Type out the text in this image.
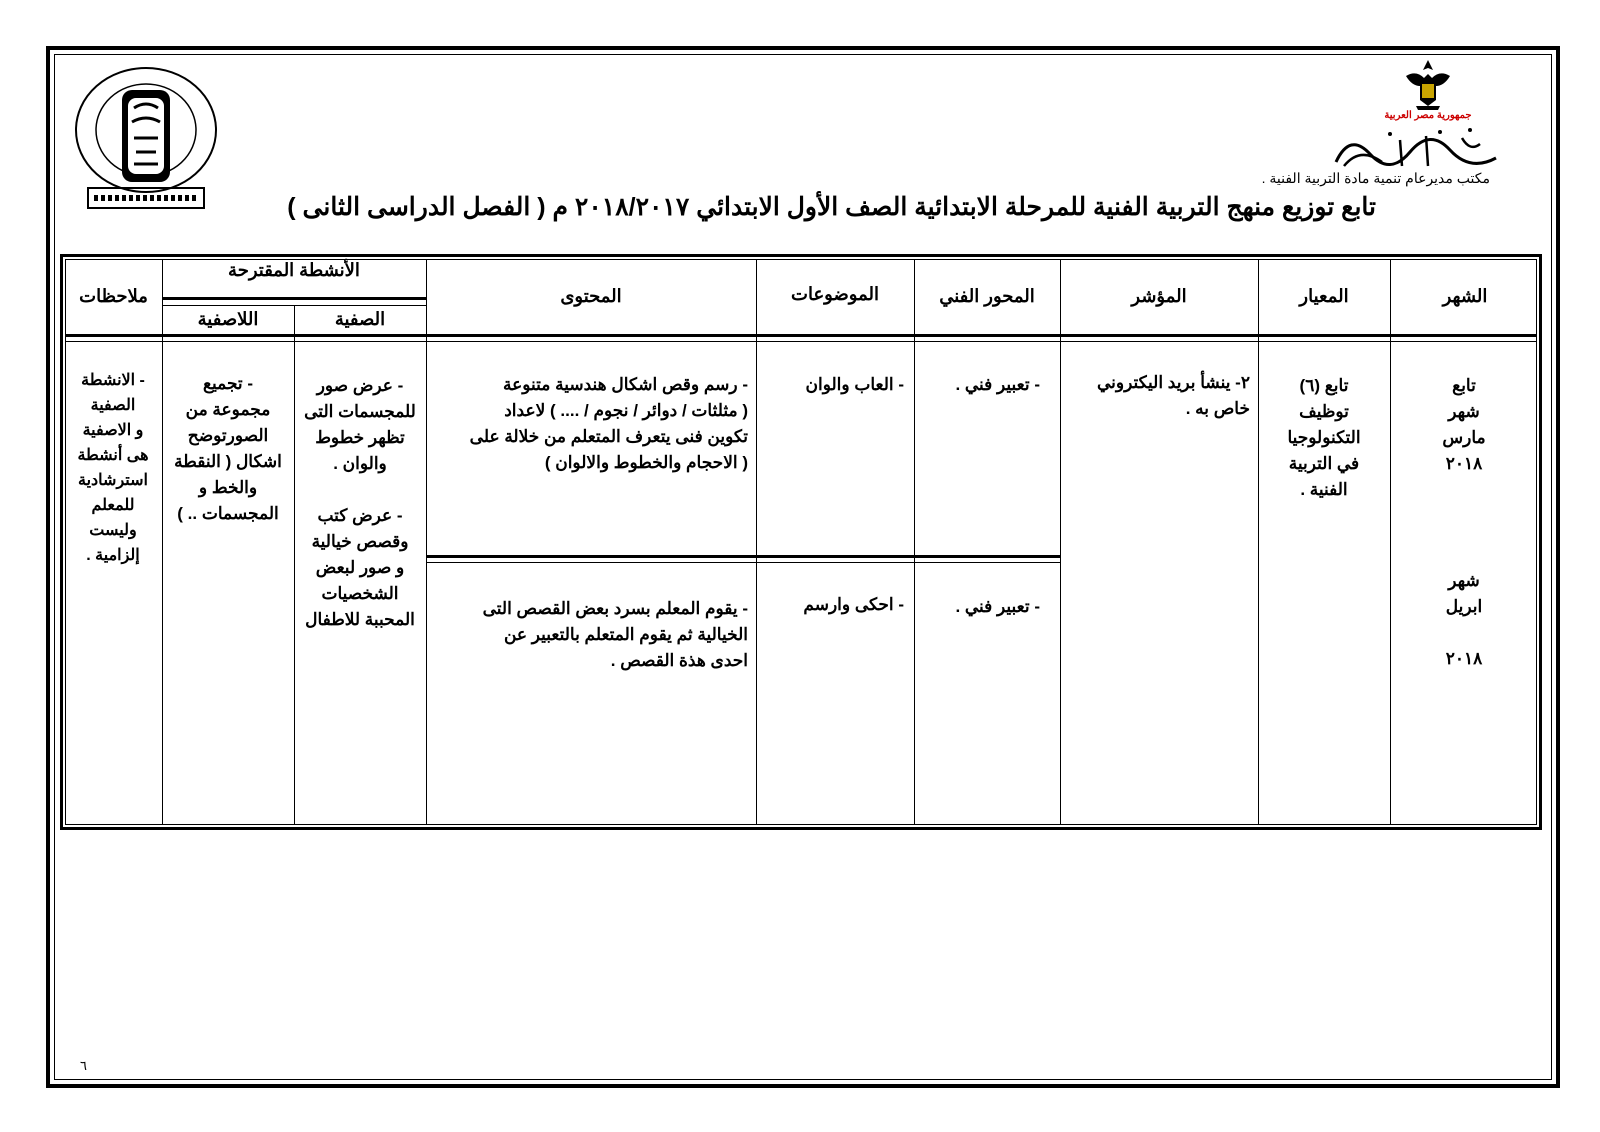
جمهورية مصر العربية
مكتب مديرعام تنمية مادة التربية الفنية .
تابع توزيع منهج التربية الفنية للمرحلة الابتدائية الصف الأول الابتدائي ٢٠١٨/٢٠١٧ م ( الفصل الدراسى الثانى )
الشهر
المعيار
المؤشر
المحور الفني
الموضوعات
المحتوى
الأنشطة المقترحة
الصفية
اللاصفية
ملاحظات
تابع
شهر
مارس
٢٠١٨
شهر
ابريل
٢٠١٨
تابع (٦)
توظيف
التكنولوجيا
في التربية
الفنية .
٢- ينشأ بريد اليكتروني
خاص به .
- تعبير فني .
- العاب والوان
- رسم وقص اشكال هندسية متنوعة
( مثلثات / دوائر / نجوم / .... ) لاعداد
تكوين فنى يتعرف المتعلم من خلالة على
( الاحجام والخطوط والالوان )
- تعبير فني .
- احكى وارسم
- يقوم المعلم بسرد بعض القصص التى
الخيالية ثم يقوم المتعلم بالتعبير عن
احدى هذة القصص .
- عرض صور
للمجسمات التى
تظهر خطوط
والوان .

- عرض كتب
وقصص خيالية
و صور لبعض
الشخصيات
المحببة للاطفال
- تجميع
مجموعة من
الصورتوضح
اشكال ( النقطة
والخط و
المجسمات .. )
- الانشطة
الصفية
و الاصفية
هى أنشطة
استرشادية
للمعلم
وليست
إلزامية .
٦
